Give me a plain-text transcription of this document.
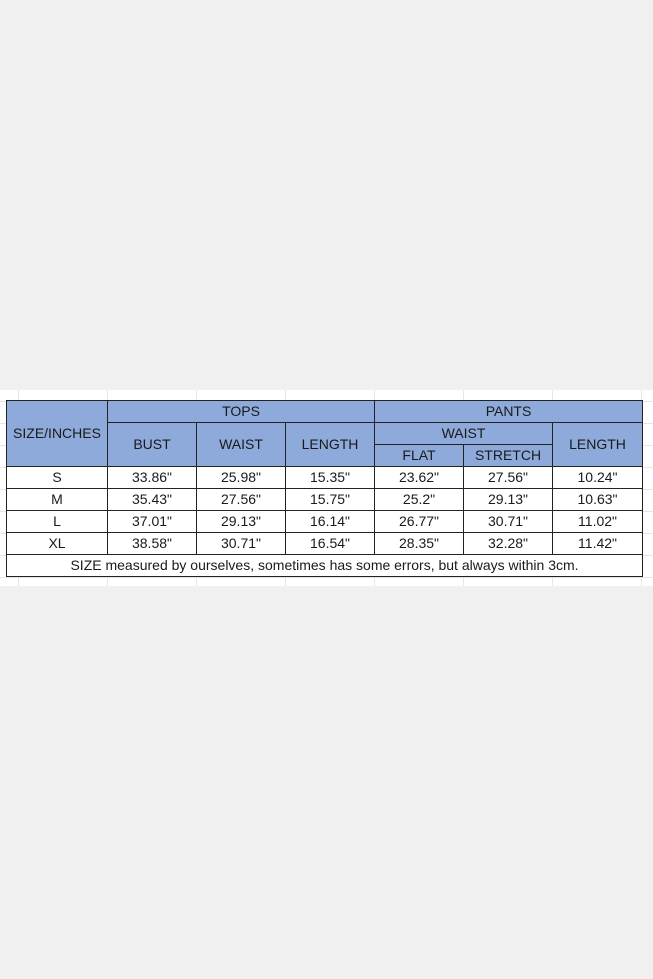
SIZE/INCHES	TOPS			PANTS		
	BUST	WAIST	LENGTH	WAIST		LENGTH
				FLAT	STRETCH	
S	33.86"	25.98"	15.35"	23.62"	27.56"	10.24"
M	35.43"	27.56"	15.75"	25.2"	29.13"	10.63"
L	37.01"	29.13"	16.14"	26.77"	30.71"	11.02"
XL	38.58"	30.71"	16.54"	28.35"	32.28"	11.42"
SIZE measured by ourselves, sometimes has some errors, but always within 3cm.						
